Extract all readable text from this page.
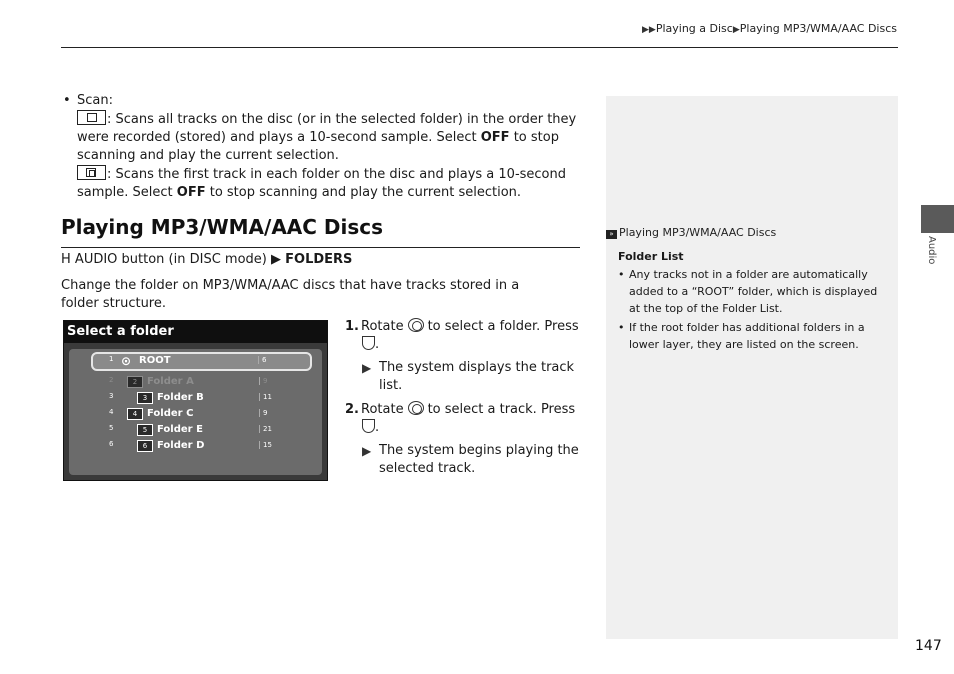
▶▶Playing a Disc▶Playing MP3/WMA/AAC Discs
Audio
• Scan:

: Scans all tracks on the disc (or in the selected folder) in the order they were recorded (stored) and plays a 10-second sample. Select OFF to stop scanning and play the current selection.

: Scans the first track in each folder on the disc and plays a 10-second sample. Select OFF to stop scanning and play the current selection.
Playing MP3/WMA/AAC Discs
H AUDIO button (in DISC mode) ▶ FOLDERS
Change the folder on MP3/WMA/AAC discs that have tracks stored in a folder structure.
Select a folder
1 ⊙ ROOT	6
2	2 Folder A	9
3	3 Folder B	11
4	4 Folder C	9
5	5 Folder E	21
6	6 Folder D	15
1. Rotate to select a folder. Press
.
▶ The system displays the track list.
2. Rotate to select a track. Press
.
▶ The system begins playing the selected track.
» Playing MP3/WMA/AAC Discs
Folder List
• Any tracks not in a folder are automatically added to a “ROOT” folder, which is displayed at the top of the Folder List.
• If the root folder has additional folders in a lower layer, they are listed on the screen.
147
